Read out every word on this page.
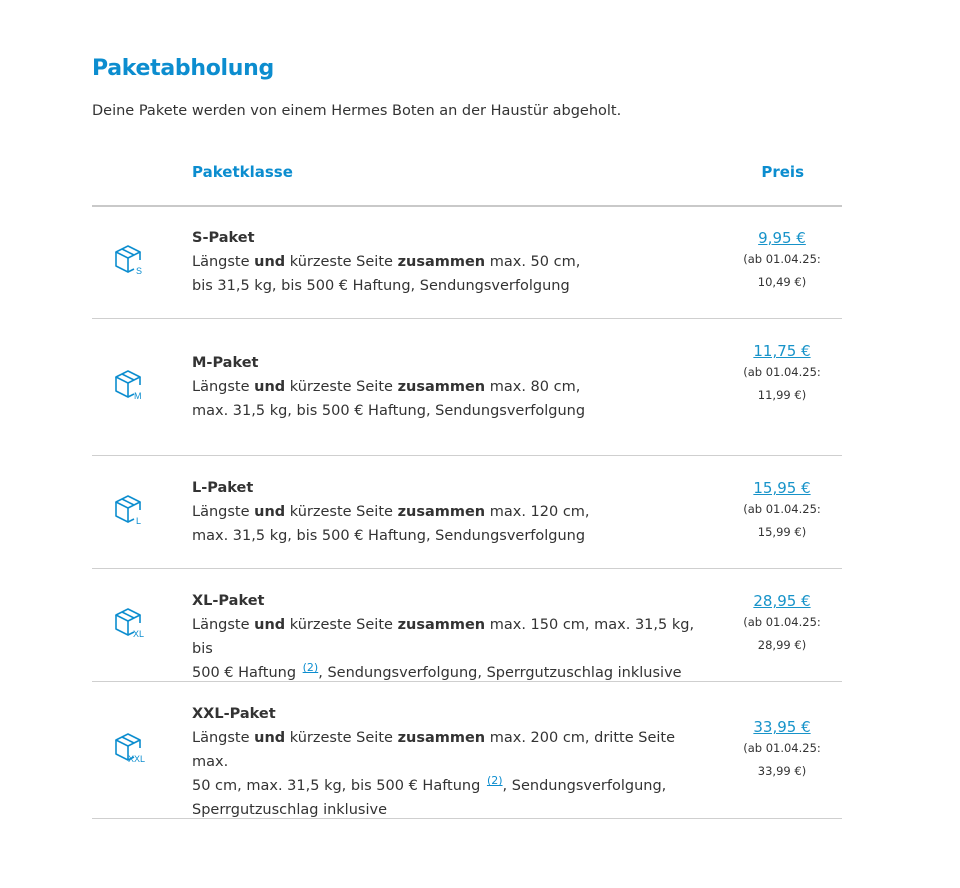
Paketabholung

Deine Pakete werden von einem Hermes Boten an der Haustür abgeholt.

Paketklasse	Preis
S
S-Paket
Längste und kürzeste Seite zusammen max. 50 cm,
bis 31,5 kg, bis 500 € Haftung, Sendungsverfolgung
9,95 €
(ab 01.04.25:
10,49 €)
M
M-Paket
Längste und kürzeste Seite zusammen max. 80 cm,
max. 31,5 kg, bis 500 € Haftung, Sendungsverfolgung
11,75 €
(ab 01.04.25:
11,99 €)
L
L-Paket
Längste und kürzeste Seite zusammen max. 120 cm,
max. 31,5 kg, bis 500 € Haftung, Sendungsverfolgung
15,95 €
(ab 01.04.25:
15,99 €)
XL
XL-Paket
Längste und kürzeste Seite zusammen max. 150 cm, max. 31,5 kg, bis
500 € Haftung $^{(2)}$, Sendungsverfolgung, Sperrgutzuschlag inklusive
28,95 €
(ab 01.04.25:
28,99 €)
XXL
XXL-Paket
Längste und kürzeste Seite zusammen max. 200 cm, dritte Seite max.
50 cm, max. 31,5 kg, bis 500 € Haftung $^{(2)}$, Sendungsverfolgung,
Sperrgutzuschlag inklusive
33,95 €
(ab 01.04.25:
33,99 €)
